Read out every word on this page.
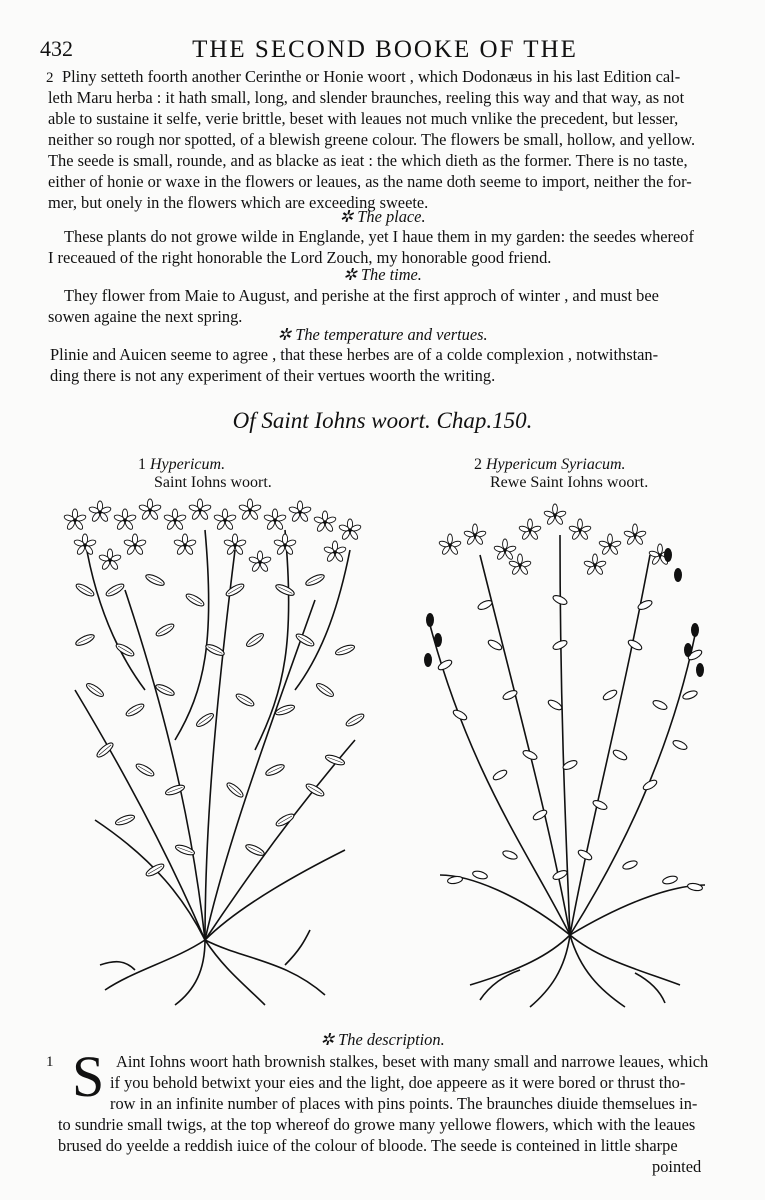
432	THE SECOND BOOKE OF THE
2 Pliny setteth foorth another Cerinthe or Honie woort , which Dodonæus in his last Edition cal-
leth Maru herba : it hath small, long, and slender braunches, reeling this way and that way, as not
able to sustaine it selfe, verie brittle, beset with leaues not much vnlike the precedent, but lesser,
neither so rough nor spotted, of a blewish greene colour. The flowers be small, hollow, and yellow.
The seede is small, rounde, and as blacke as ieat : the which dieth as the former. There is no taste,
either of honie or waxe in the flowers or leaues, as the name doth seeme to import, neither the for-
mer, but onely in the flowers which are exceeding sweete.
✲ The place.
These plants do not growe wilde in Englande, yet I haue them in my garden: the seedes whereof
I receaued of the right honorable the Lord Zouch, my honorable good friend.
✲ The time.
They flower from Maie to August, and perishe at the first approch of winter , and must bee
sowen againe the next spring.
✲ The temperature and vertues.
Plinie and Auicen seeme to agree , that these herbes are of a colde complexion , notwithstan-
ding there is not any experiment of their vertues woorth the writing.
Of Saint Iohns woort. Chap.150.
1 Hypericum.
Saint Iohns woort.
2 Hypericum Syriacum.
Rewe Saint Iohns woort.
✲ The description.
1 S Aint Iohns woort hath brownish stalkes, beset with many small and narrowe leaues, which
if you behold betwixt your eies and the light, doe appeere as it were bored or thrust tho-
row in an infinite number of places with pins points. The braunches diuide themselues in-
to sundrie small twigs, at the top whereof do growe many yellowe flowers, which with the leaues
brused do yeelde a reddish iuice of the colour of bloode. The seede is conteined in little sharpe
pointed
